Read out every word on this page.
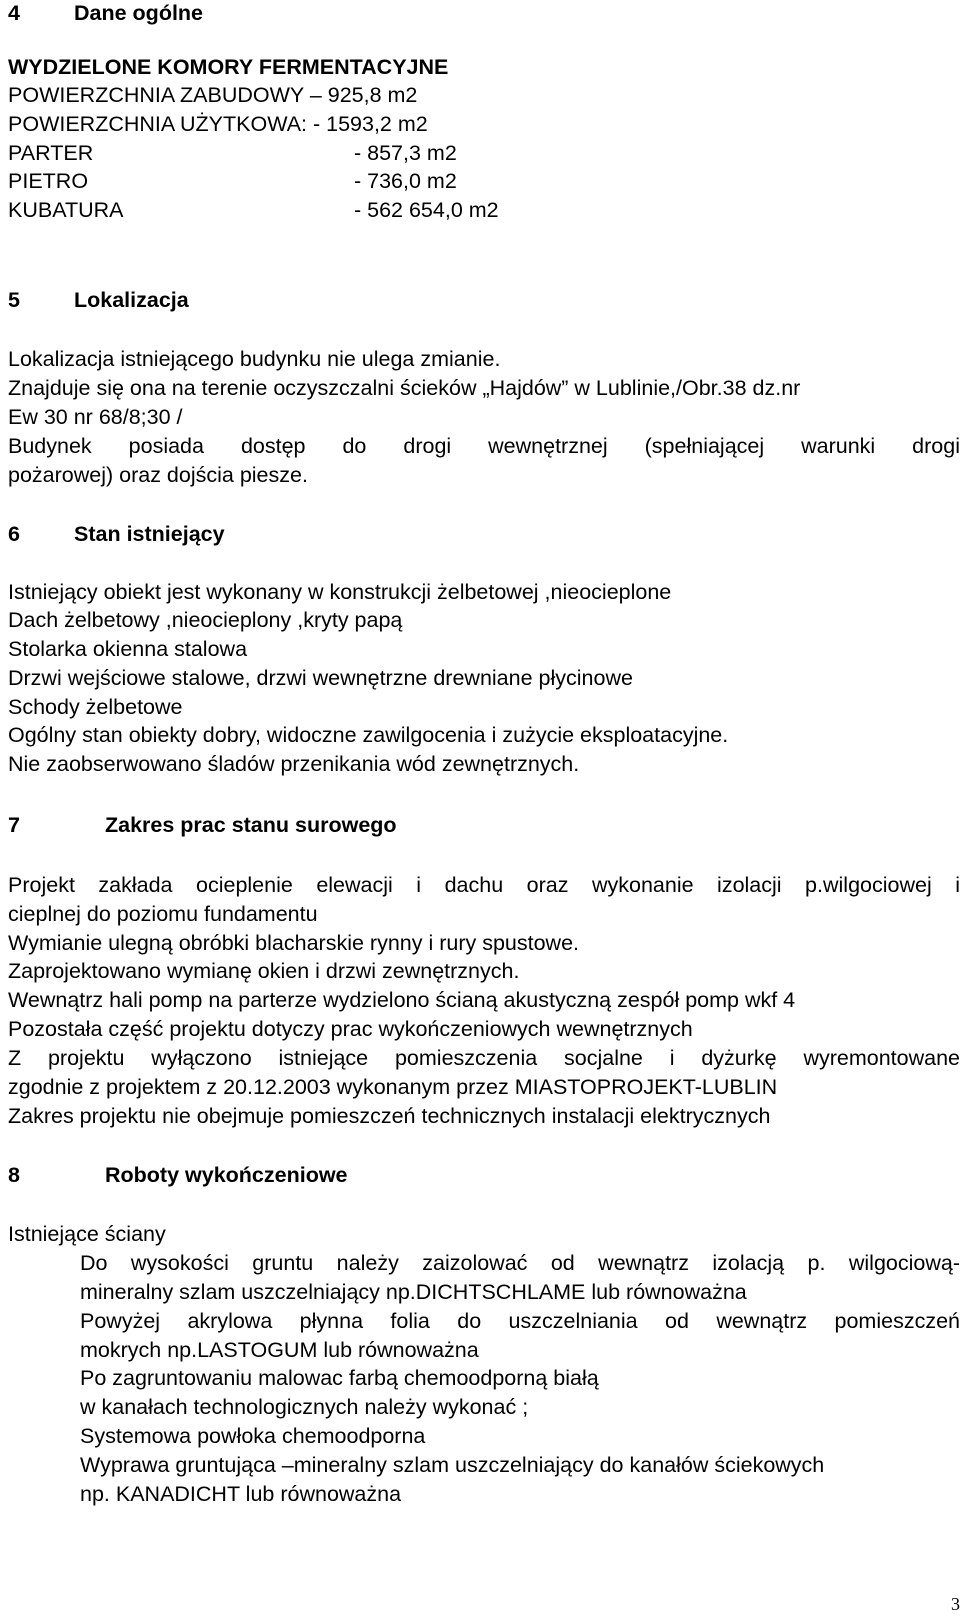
4	Dane ogólne
WYDZIELONE KOMORY FERMENTACYJNE
POWIERZCHNIA ZABUDOWY – 925,8 m2
POWIERZCHNIA UŻYTKOWA: - 1593,2 m2
PARTER	- 857,3 m2
PIETRO	- 736,0 m2
KUBATURA	- 562 654,0 m2
5	Lokalizacja
Lokalizacja istniejącego budynku nie ulega zmianie.
Znajduje się ona na terenie oczyszczalni ścieków „Hajdów” w Lublinie,/Obr.38 dz.nr
Ew 30 nr 68/8;30 /
Budynek posiada dostęp do drogi wewnętrznej (spełniającej warunki drogi
pożarowej) oraz dojścia piesze.
6	Stan istniejący
Istniejący obiekt jest wykonany w konstrukcji żelbetowej ,nieocieplone
Dach żelbetowy ,nieocieplony ,kryty papą
Stolarka okienna stalowa
Drzwi wejściowe stalowe, drzwi wewnętrzne drewniane płycinowe
Schody żelbetowe
Ogólny stan obiekty dobry, widoczne zawilgocenia i zużycie eksploatacyjne.
Nie zaobserwowano śladów przenikania wód zewnętrznych.
7	Zakres prac stanu surowego
Projekt zakłada ocieplenie elewacji i dachu oraz wykonanie izolacji p.wilgociowej i
cieplnej do poziomu fundamentu
Wymianie ulegną obróbki blacharskie rynny i rury spustowe.
Zaprojektowano wymianę okien i drzwi zewnętrznych.
Wewnątrz hali pomp na parterze wydzielono ścianą akustyczną zespół pomp wkf 4
Pozostała część projektu dotyczy prac wykończeniowych wewnętrznych
Z projektu wyłączono istniejące pomieszczenia socjalne i dyżurkę wyremontowane
zgodnie z projektem z 20.12.2003 wykonanym przez MIASTOPROJEKT-LUBLIN
Zakres projektu nie obejmuje pomieszczeń technicznych instalacji elektrycznych
8	Roboty wykończeniowe
Istniejące ściany
Do wysokości gruntu należy zaizolować od wewnątrz izolacją p. wilgociową-
mineralny szlam uszczelniający np.DICHTSCHLAME lub równoważna
Powyżej akrylowa płynna folia do uszczelniania od wewnątrz pomieszczeń
mokrych np.LASTOGUM lub równoważna
Po zagruntowaniu malowac farbą chemoodporną białą
w kanałach technologicznych należy wykonać ;
Systemowa powłoka chemoodporna
Wyprawa gruntująca –mineralny szlam uszczelniający do kanałów ściekowych
np. KANADICHT lub równoważna
3
